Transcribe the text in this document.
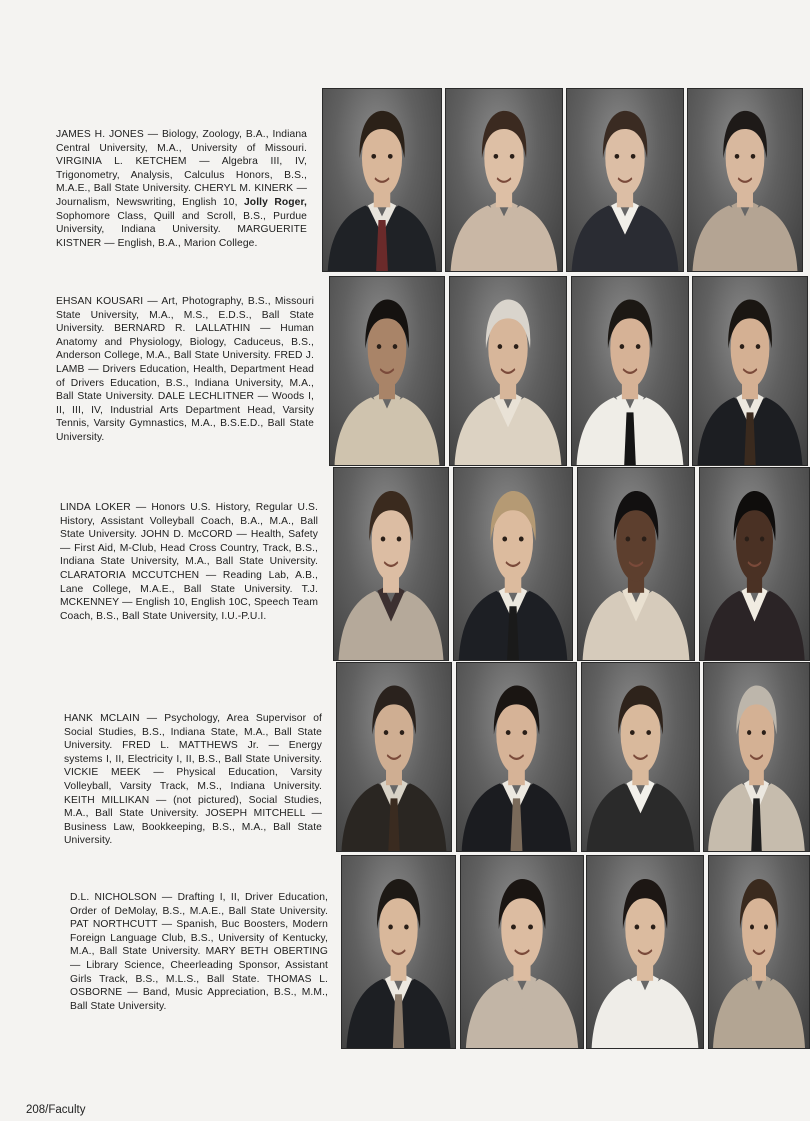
JAMES H. JONES — Biology, Zoology, B.A., Indiana Central University, M.A., University of Missouri. VIRGINIA L. KETCHEM — Algebra III, IV, Trigonometry, Analysis, Calculus Honors, B.S., M.A.E., Ball State University. CHERYL M. KINERK — Journalism, Newswriting, English 10, Jolly Roger, Sophomore Class, Quill and Scroll, B.S., Purdue University, Indiana University. MARGUERITE KISTNER — English, B.A., Marion College.
EHSAN KOUSARI — Art, Photography, B.S., Missouri State University, M.A., M.S., E.D.S., Ball State University. BERNARD R. LALLATHIN — Human Anatomy and Physiology, Biology, Caduceus, B.S., Anderson College, M.A., Ball State University. FRED J. LAMB — Drivers Education, Health, Department Head of Drivers Education, B.S., Indiana University, M.A., Ball State University. DALE LECHLITNER — Woods I, II, III, IV, Industrial Arts Department Head, Varsity Tennis, Varsity Gymnastics, M.A., B.S.E.D., Ball State University.
LINDA LOKER — Honors U.S. History, Regular U.S. History, Assistant Volleyball Coach, B.A., M.A., Ball State University. JOHN D. McCORD — Health, Safety — First Aid, M-Club, Head Cross Country, Track, B.S., Indiana State University, M.A., Ball State University. CLARATORIA MCCUTCHEN — Reading Lab, A.B., Lane College, M.A.E., Ball State University. T.J. MCKENNEY — English 10, English 10C, Speech Team Coach, B.S., Ball State University, I.U.-P.U.I.
HANK MCLAIN — Psychology, Area Supervisor of Social Studies, B.S., Indiana State, M.A., Ball State University. FRED L. MATTHEWS Jr. — Energy systems I, II, Electricity I, II, B.S., Ball State University. VICKIE MEEK — Physical Education, Varsity Volleyball, Varsity Track, M.S., Indiana University. KEITH MILLIKAN — (not pictured), Social Studies, M.A., Ball State University. JOSEPH MITCHELL — Business Law, Bookkeeping, B.S., M.A., Ball State University.
D.L. NICHOLSON — Drafting I, II, Driver Education, Order of DeMolay, B.S., M.A.E., Ball State University. PAT NORTHCUTT — Spanish, Buc Boosters, Modern Foreign Language Club, B.S., University of Kentucky, M.A., Ball State University. MARY BETH OBERTING — Library Science, Cheerleading Sponsor, Assistant Girls Track, B.S., M.L.S., Ball State. THOMAS L. OSBORNE — Band, Music Appreciation, B.S., M.M., Ball State University.
208/Faculty
